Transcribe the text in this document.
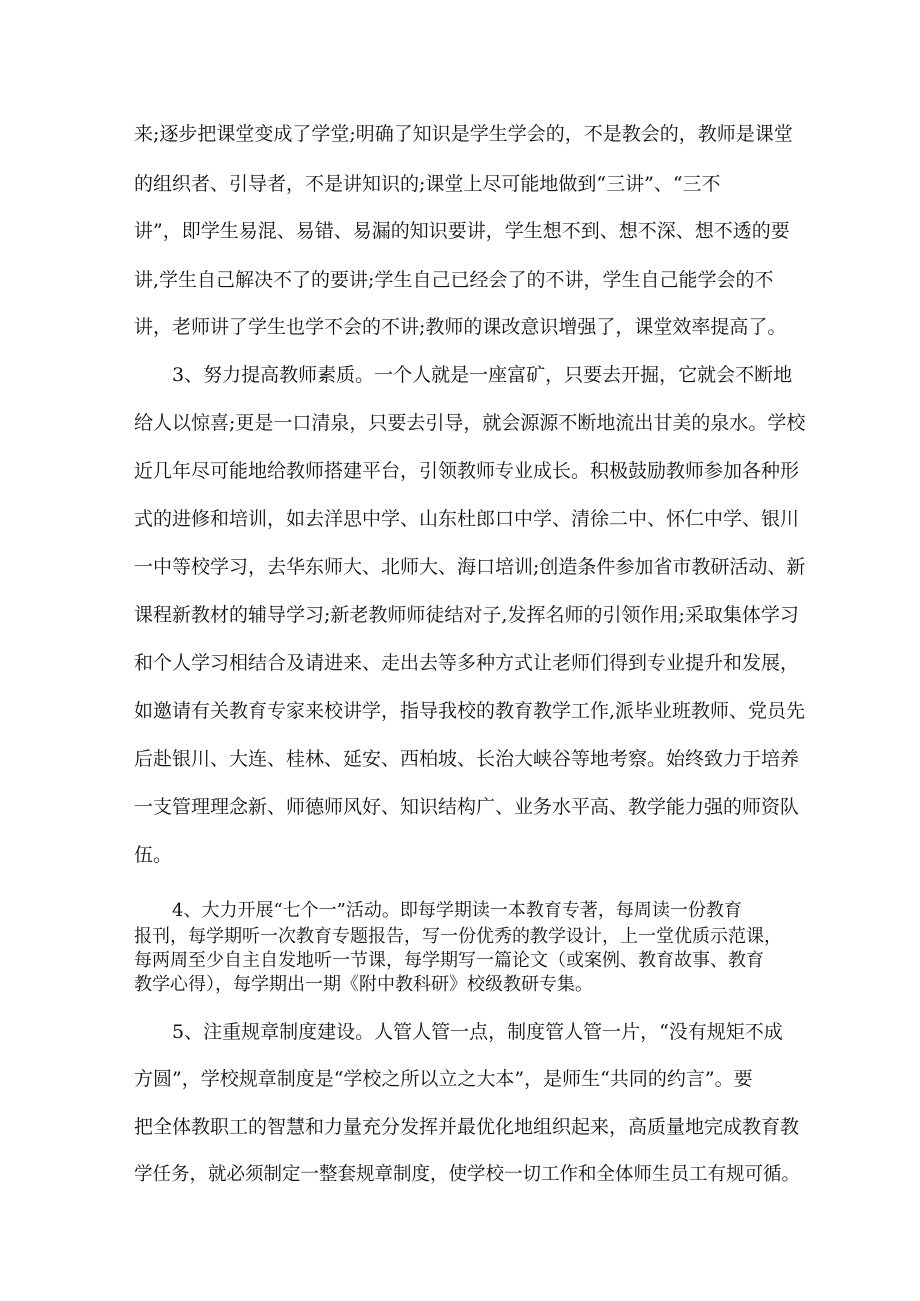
来;逐步把课堂变成了学堂;明确了知识是学生学会的，不是教会的，教师是课堂

的组织者、引导者，不是讲知识的;课堂上尽可能地做到“三讲”、“三不

讲”，即学生易混、易错、易漏的知识要讲，学生想不到、想不深、想不透的要

讲,学生自己解决不了的要讲;学生自己已经会了的不讲，学生自己能学会的不

讲，老师讲了学生也学不会的不讲;教师的课改意识增强了，课堂效率提高了。

3、努力提高教师素质。一个人就是一座富矿，只要去开掘，它就会不断地

给人以惊喜;更是一口清泉，只要去引导，就会源源不断地流出甘美的泉水。学校

近几年尽可能地给教师搭建平台，引领教师专业成长。积极鼓励教师参加各种形

式的进修和培训，如去洋思中学、山东杜郎口中学、清徐二中、怀仁中学、银川

一中等校学习，去华东师大、北师大、海口培训;创造条件参加省市教研活动、新

课程新教材的辅导学习;新老教师师徒结对子,发挥名师的引领作用;采取集体学习

和个人学习相结合及请进来、走出去等多种方式让老师们得到专业提升和发展，

如邀请有关教育专家来校讲学，指导我校的教育教学工作,派毕业班教师、党员先

后赴银川、大连、桂林、延安、西柏坡、长治大峡谷等地考察。始终致力于培养

一支管理理念新、师德师风好、知识结构广、业务水平高、教学能力强的师资队

伍。

4、大力开展“七个一”活动。即每学期读一本教育专著，每周读一份教育

报刊，每学期听一次教育专题报告，写一份优秀的教学设计，上一堂优质示范课，

每两周至少自主自发地听一节课，每学期写一篇论文（或案例、教育故事、教育

教学心得），每学期出一期《附中教科研》校级教研专集。

5、注重规章制度建设。人管人管一点，制度管人管一片，“没有规矩不成

方圆”，学校规章制度是“学校之所以立之大本”，是师生“共同的约言”。要

把全体教职工的智慧和力量充分发挥并最优化地组织起来，高质量地完成教育教

学任务，就必须制定一整套规章制度，使学校一切工作和全体师生员工有规可循。
